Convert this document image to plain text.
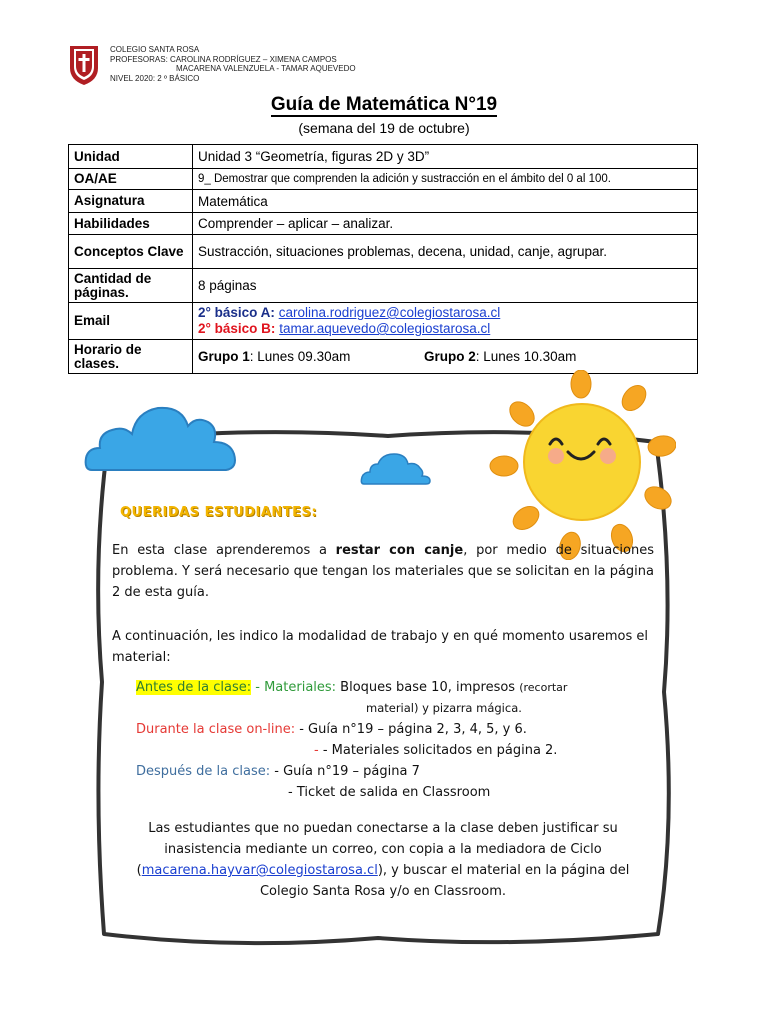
COLEGIO SANTA ROSA
PROFESORAS: CAROLINA RODRÍGUEZ – XIMENA CAMPOS
MACARENA VALENZUELA - TAMAR AQUEVEDO
NIVEL 2020: 2 º BÁSICO
Guía de Matemática N°19
(semana del 19 de octubre)
Unidad	Unidad 3 “Geometría, figuras 2D y 3D”
OA/AE	9_ Demostrar que comprenden la adición y sustracción en el ámbito del 0 al 100.
Asignatura	Matemática
Habilidades	Comprender – aplicar – analizar.
Conceptos Clave	Sustracción, situaciones problemas, decena, unidad, canje, agrupar.
Cantidad de páginas.	8 páginas
Email	2° básico A: carolina.rodriguez@colegiostarosa.cl
2° básico B: tamar.aquevedo@colegiostarosa.cl

Horario de clases.	Grupo 1: Lunes 09.30am Grupo 2: Lunes 10.30am
QUERIDAS ESTUDIANTES:
En esta clase aprenderemos a restar con canje, por medio de situaciones problema. Y será necesario que tengan los materiales que se solicitan en la página 2 de esta guía.
A continuación, les indico la modalidad de trabajo y en qué momento usaremos el material:
Antes de la clase: - Materiales: Bloques base 10, impresos (recortar
material) y pizarra mágica.
Durante la clase on-line: - Guía n°19 – página 2, 3, 4, 5, y 6.
- - Materiales solicitados en página 2.
Después de la clase: - Guía n°19 – página 7
- Ticket de salida en Classroom
Las estudiantes que no puedan conectarse a la clase deben justificar su inasistencia mediante un correo, con copia a la mediadora de Ciclo (macarena.hayvar@colegiostarosa.cl), y buscar el material en la página del Colegio Santa Rosa y/o en Classroom.
